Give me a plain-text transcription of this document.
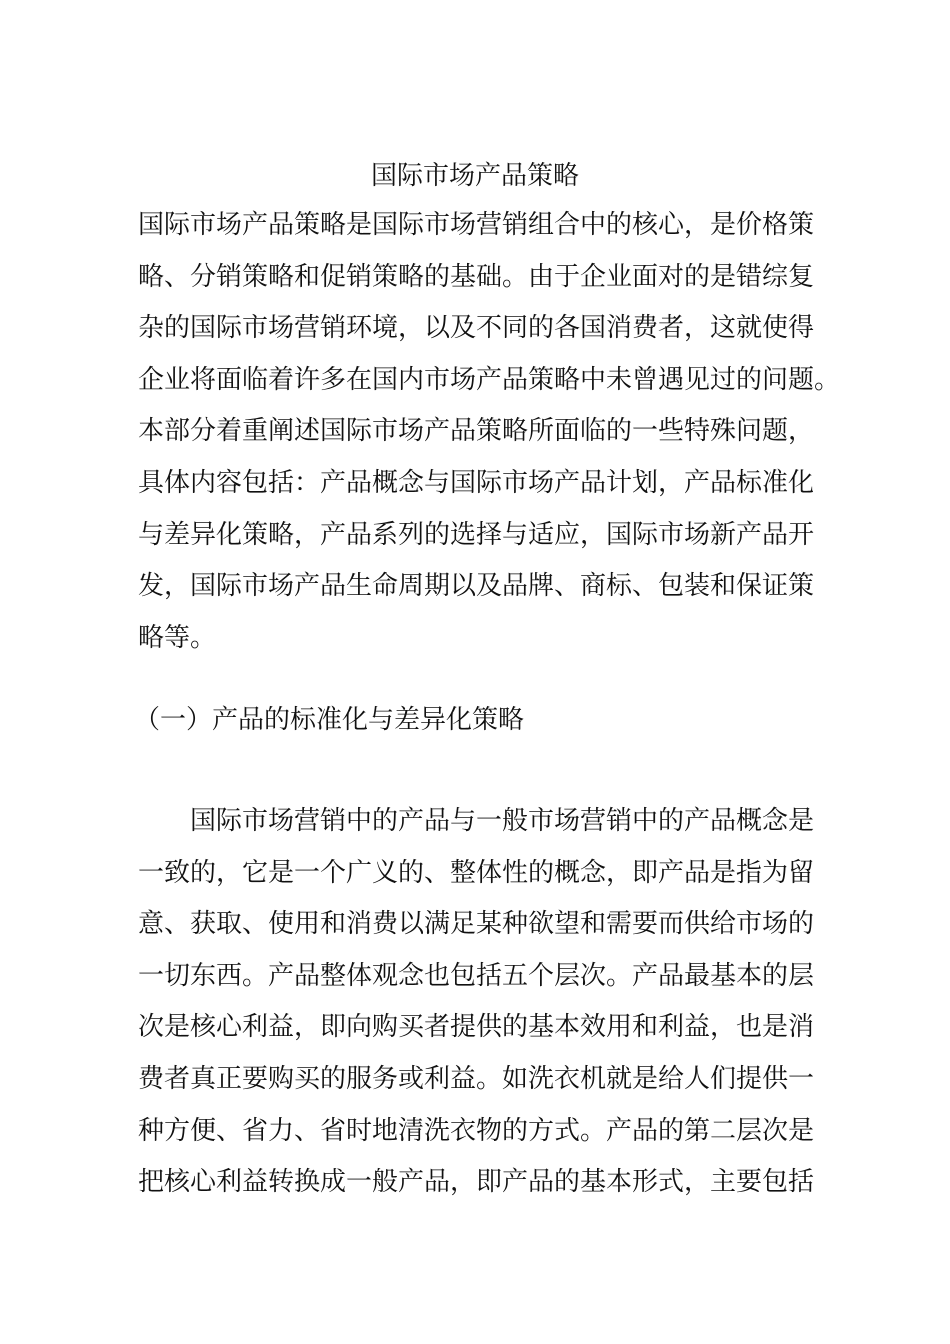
国际市场产品策略

国际市场产品策略是国际市场营销组合中的核心，是价格策
略、分销策略和促销策略的基础。由于企业面对的是错综复
杂的国际市场营销环境，以及不同的各国消费者，这就使得
企业将面临着许多在国内市场产品策略中未曾遇见过的问题。
本部分着重阐述国际市场产品策略所面临的一些特殊问题，
具体内容包括：产品概念与国际市场产品计划，产品标准化
与差异化策略，产品系列的选择与适应，国际市场新产品开
发，国际市场产品生命周期以及品牌、商标、包装和保证策
略等。

（一）产品的标准化与差异化策略

国际市场营销中的产品与一般市场营销中的产品概念是
一致的，它是一个广义的、整体性的概念，即产品是指为留
意、获取、使用和消费以满足某种欲望和需要而供给市场的
一切东西。产品整体观念也包括五个层次。产品最基本的层
次是核心利益，即向购买者提供的基本效用和利益，也是消
费者真正要购买的服务或利益。如洗衣机就是给人们提供一
种方便、省力、省时地清洗衣物的方式。产品的第二层次是
把核心利益转换成一般产品，即产品的基本形式，主要包括
